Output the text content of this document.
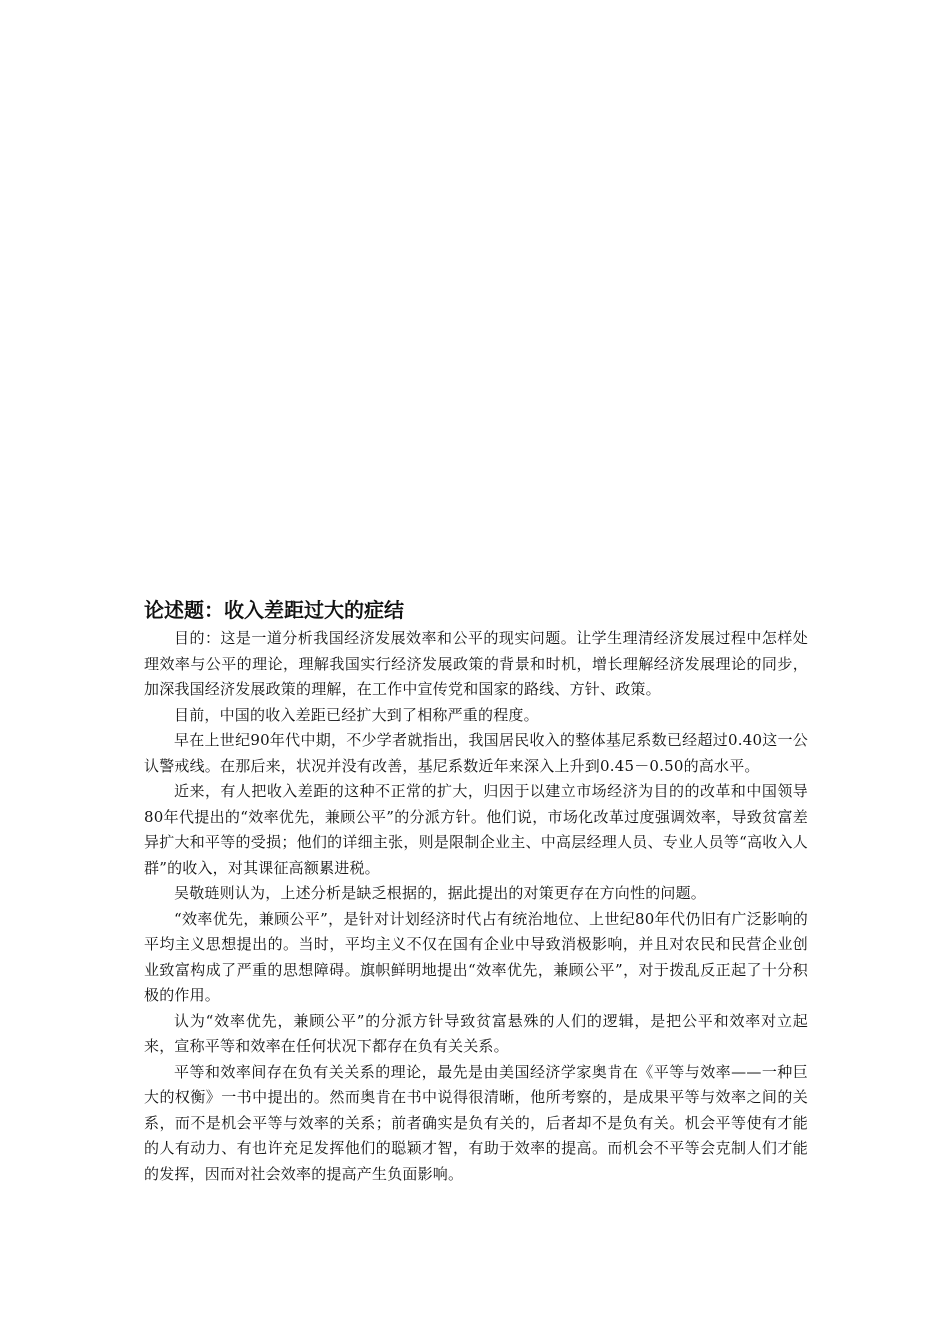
论述题：收入差距过大的症结

目的：这是一道分析我国经济发展效率和公平的现实问题。让学生理清经济发展过程中怎样处理效率与公平的理论，理解我国实行经济发展政策的背景和时机，增长理解经济发展理论的同步，加深我国经济发展政策的理解，在工作中宣传党和国家的路线、方针、政策。

目前，中国的收入差距已经扩大到了相称严重的程度。

早在上世纪90年代中期，不少学者就指出，我国居民收入的整体基尼系数已经超过0.40这一公认警戒线。在那后来，状况并没有改善，基尼系数近年来深入上升到0.45－0.50的高水平。

近来，有人把收入差距的这种不正常的扩大，归因于以建立市场经济为目的的改革和中国领导80年代提出的“效率优先，兼顾公平”的分派方针。他们说，市场化改革过度强调效率，导致贫富差异扩大和平等的受损；他们的详细主张，则是限制企业主、中高层经理人员、专业人员等“高收入人群”的收入，对其课征高额累进税。

吴敬琏则认为，上述分析是缺乏根据的，据此提出的对策更存在方向性的问题。

“效率优先，兼顾公平”，是针对计划经济时代占有统治地位、上世纪80年代仍旧有广泛影响的平均主义思想提出的。当时，平均主义不仅在国有企业中导致消极影响，并且对农民和民营企业创业致富构成了严重的思想障碍。旗帜鲜明地提出“效率优先，兼顾公平”，对于拨乱反正起了十分积极的作用。

认为“效率优先，兼顾公平”的分派方针导致贫富悬殊的人们的逻辑，是把公平和效率对立起来，宣称平等和效率在任何状况下都存在负有关关系。

平等和效率间存在负有关关系的理论，最先是由美国经济学家奥肯在《平等与效率——一种巨大的权衡》一书中提出的。然而奥肯在书中说得很清晰，他所考察的，是成果平等与效率之间的关系，而不是机会平等与效率的关系；前者确实是负有关的，后者却不是负有关。机会平等使有才能的人有动力、有也许充足发挥他们的聪颖才智，有助于效率的提高。而机会不平等会克制人们才能的发挥，因而对社会效率的提高产生负面影响。
